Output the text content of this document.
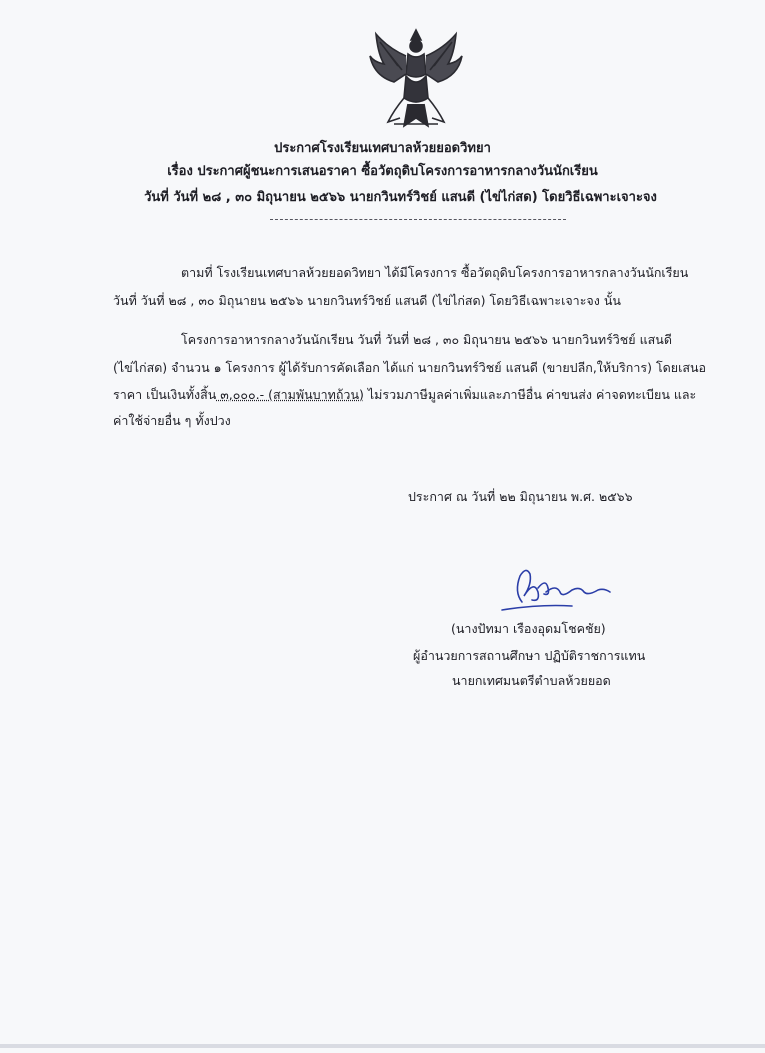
ประกาศโรงเรียนเทศบาลห้วยยอดวิทยา
เรื่อง ประกาศผู้ชนะการเสนอราคา ซื้อวัตถุดิบโครงการอาหารกลางวันนักเรียน
วันที่ วันที่ ๒๘ , ๓๐ มิถุนายน ๒๕๖๖ นายกวินทร์วิชย์ แสนดี (ไข่ไก่สด) โดยวิธีเฉพาะเจาะจง
ตามที่ โรงเรียนเทศบาลห้วยยอดวิทยา ได้มีโครงการ ซื้อวัตถุดิบโครงการอาหารกลางวันนักเรียน
วันที่ วันที่ ๒๘ , ๓๐ มิถุนายน ๒๕๖๖ นายกวินทร์วิชย์ แสนดี (ไข่ไก่สด) โดยวิธีเฉพาะเจาะจง นั้น
โครงการอาหารกลางวันนักเรียน วันที่ วันที่ ๒๘ , ๓๐ มิถุนายน ๒๕๖๖ นายกวินทร์วิชย์ แสนดี
(ไข่ไก่สด) จำนวน ๑ โครงการ ผู้ได้รับการคัดเลือก ได้แก่ นายกวินทร์วิชย์ แสนดี (ขายปลีก,ให้บริการ) โดยเสนอ
ราคา เป็นเงินทั้งสิ้น ๓,๐๐๐.- (สามพันบาทถ้วน) ไม่รวมภาษีมูลค่าเพิ่มและภาษีอื่น ค่าขนส่ง ค่าจดทะเบียน และ
ค่าใช้จ่ายอื่น ๆ ทั้งปวง
ประกาศ ณ วันที่ ๒๒ มิถุนายน พ.ศ. ๒๕๖๖
(นางปัทมา เรืองอุดมโชคชัย)
ผู้อำนวยการสถานศึกษา ปฏิบัติราชการแทน
นายกเทศมนตรีตำบลห้วยยอด
